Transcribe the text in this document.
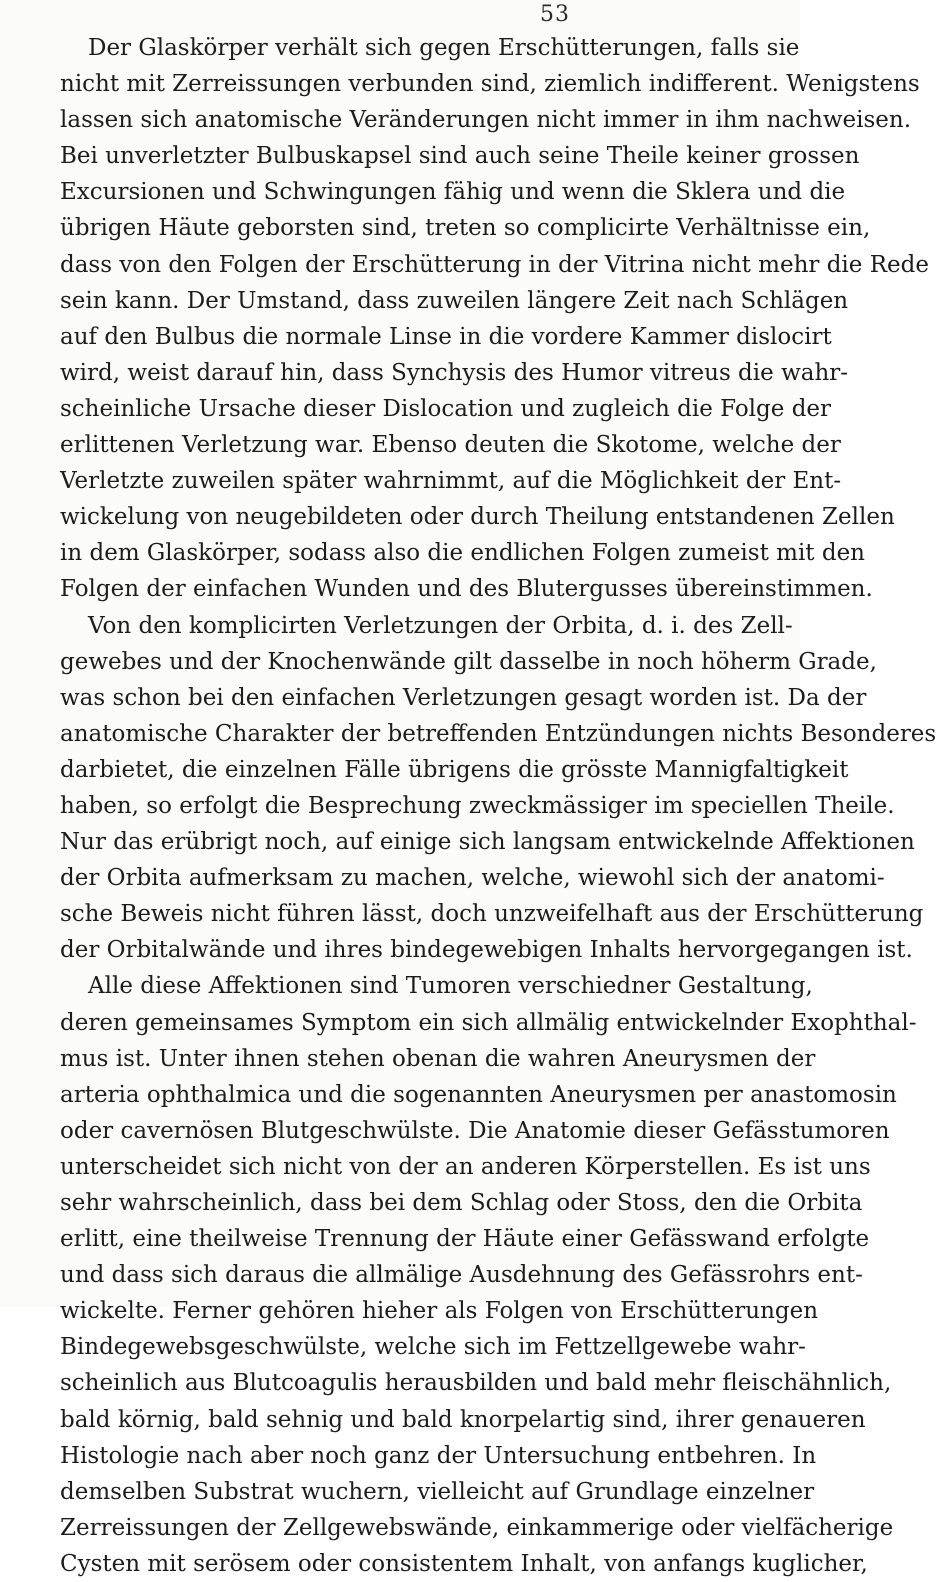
53
Der Glaskörper verhält sich gegen Erschütterungen, falls sie
nicht mit Zerreissungen verbunden sind, ziemlich indifferent. Wenigstens
lassen sich anatomische Veränderungen nicht immer in ihm nachweisen.
Bei unverletzter Bulbuskapsel sind auch seine Theile keiner grossen
Excursionen und Schwingungen fähig und wenn die Sklera und die
übrigen Häute geborsten sind, treten so complicirte Verhältnisse ein,
dass von den Folgen der Erschütterung in der Vitrina nicht mehr die Rede
sein kann. Der Umstand, dass zuweilen längere Zeit nach Schlägen
auf den Bulbus die normale Linse in die vordere Kammer dislocirt
wird, weist darauf hin, dass Synchysis des Humor vitreus die wahr-
scheinliche Ursache dieser Dislocation und zugleich die Folge der
erlittenen Verletzung war. Ebenso deuten die Skotome, welche der
Verletzte zuweilen später wahrnimmt, auf die Möglichkeit der Ent-
wickelung von neugebildeten oder durch Theilung entstandenen Zellen
in dem Glaskörper, sodass also die endlichen Folgen zumeist mit den
Folgen der einfachen Wunden und des Blutergusses übereinstimmen.
Von den komplicirten Verletzungen der Orbita, d. i. des Zell-
gewebes und der Knochenwände gilt dasselbe in noch höherm Grade,
was schon bei den einfachen Verletzungen gesagt worden ist. Da der
anatomische Charakter der betreffenden Entzündungen nichts Besonderes
darbietet, die einzelnen Fälle übrigens die grösste Mannigfaltigkeit
haben, so erfolgt die Besprechung zweckmässiger im speciellen Theile.
Nur das erübrigt noch, auf einige sich langsam entwickelnde Affektionen
der Orbita aufmerksam zu machen, welche, wiewohl sich der anatomi-
sche Beweis nicht führen lässt, doch unzweifelhaft aus der Erschütterung
der Orbitalwände und ihres bindegewebigen Inhalts hervorgegangen ist.
Alle diese Affektionen sind Tumoren verschiedner Gestaltung,
deren gemeinsames Symptom ein sich allmälig entwickelnder Exophthal-
mus ist. Unter ihnen stehen obenan die wahren Aneurysmen der
arteria ophthalmica und die sogenannten Aneurysmen per anastomosin
oder cavernösen Blutgeschwülste. Die Anatomie dieser Gefässtumoren
unterscheidet sich nicht von der an anderen Körperstellen. Es ist uns
sehr wahrscheinlich, dass bei dem Schlag oder Stoss, den die Orbita
erlitt, eine theilweise Trennung der Häute einer Gefässwand erfolgte
und dass sich daraus die allmälige Ausdehnung des Gefässrohrs ent-
wickelte. Ferner gehören hieher als Folgen von Erschütterungen
Bindegewebsgeschwülste, welche sich im Fettzellgewebe wahr-
scheinlich aus Blutcoagulis herausbilden und bald mehr fleischähnlich,
bald körnig, bald sehnig und bald knorpelartig sind, ihrer genaueren
Histologie nach aber noch ganz der Untersuchung entbehren. In
demselben Substrat wuchern, vielleicht auf Grundlage einzelner
Zerreissungen der Zellgewebswände, einkammerige oder vielfächerige
Cysten mit serösem oder consistentem Inhalt, von anfangs kuglicher,
